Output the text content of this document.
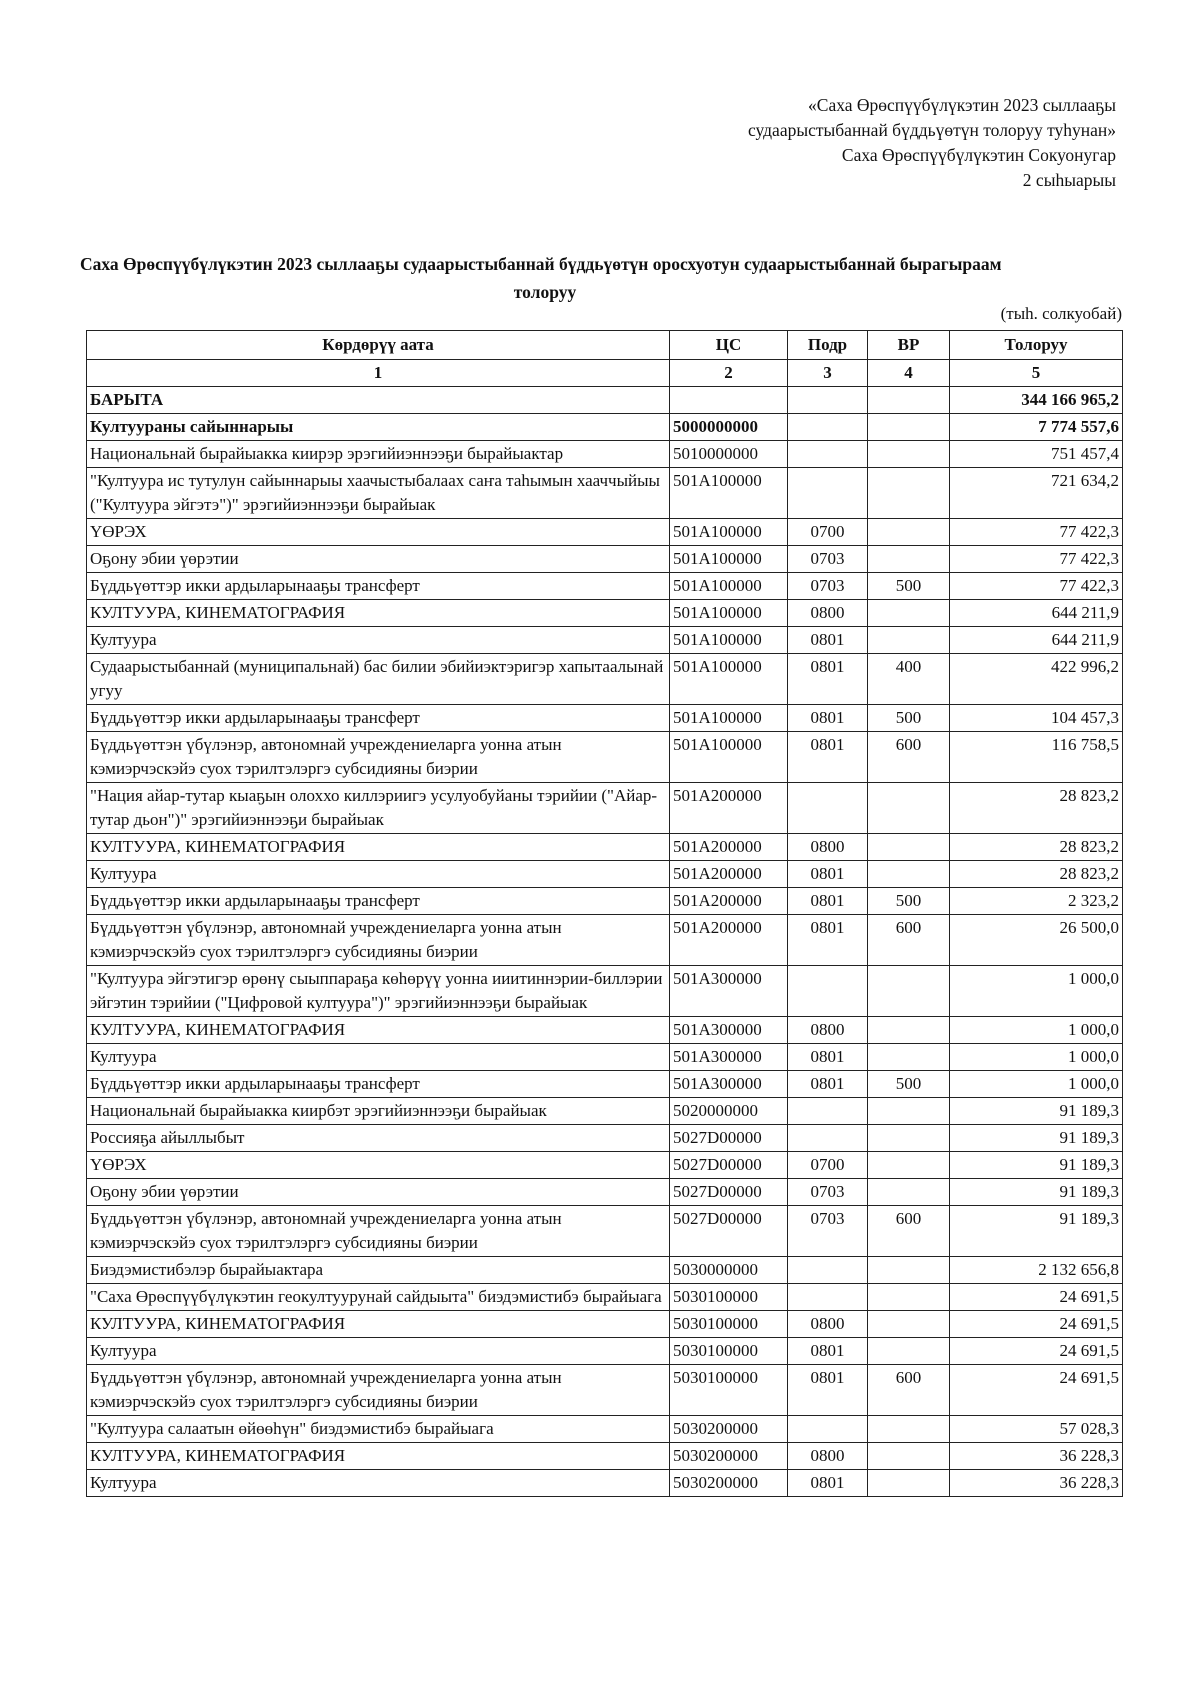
«Саха Өрөспүүбүлүкэтин 2023 сыллааҕы
судаарыстыбаннай бүддьүөтүн толоруу туһунан»
Саха Өрөспүүбүлүкэтин Сокуонугар
2 сыһыарыы
Саха Өрөспүүбүлүкэтин 2023 сыллааҕы судаарыстыбаннай бүддьүөтүн оросхуотун судаарыстыбаннай бырагыраам
толоруу
(тыһ. солкуобай)
Көрдөрүү аата	ЦС	Подр	ВР	Толоруу
1	2	3	4	5
БАРЫТА				344 166 965,2
Култуураны сайыннарыы	5000000000			7 774 557,6
Национальнай бырайыакка киирэр эрэгийиэннээҕи бырайыактар	5010000000			751 457,4
"Култуура ис тутулун сайыннарыы хаачыстыбалаах саҥа таһымын хааччыйыы ("Култуура эйгэтэ")" эрэгийиэннээҕи бырайыак	501А100000			721 634,2
ҮӨРЭХ	501А100000	0700		77 422,3
Оҕону эбии үөрэтии	501А100000	0703		77 422,3
Бүддьүөттэр икки ардыларынааҕы трансферт	501А100000	0703	500	77 422,3
КУЛТУУРА, КИНЕМАТОГРАФИЯ	501А100000	0800		644 211,9
Култуура	501А100000	0801		644 211,9
Судаарыстыбаннай (муниципальнай) бас билии эбийиэктэригэр хапытаалынай угуу	501А100000	0801	400	422 996,2
Бүддьүөттэр икки ардыларынааҕы трансферт	501А100000	0801	500	104 457,3
Бүддьүөттэн үбүлэнэр, автономнай учреждениеларга уонна атын кэмиэрчэскэйэ суох тэрилтэлэргэ субсидияны биэрии	501А100000	0801	600	116 758,5
"Нация айар-тутар кыаҕын олоххо киллэриигэ усулуобуйаны тэрийии ("Айар-тутар дьон")" эрэгийиэннээҕи бырайыак	501А200000			28 823,2
КУЛТУУРА, КИНЕМАТОГРАФИЯ	501А200000	0800		28 823,2
Култуура	501А200000	0801		28 823,2
Бүддьүөттэр икки ардыларынааҕы трансферт	501А200000	0801	500	2 323,2
Бүддьүөттэн үбүлэнэр, автономнай учреждениеларга уонна атын кэмиэрчэскэйэ суох тэрилтэлэргэ субсидияны биэрии	501А200000	0801	600	26 500,0
"Култуура эйгэтигэр өрөнү сыыппараҕа көһөрүү уонна ииитиннэрии-биллэрии эйгэтин тэрийии ("Цифровой култуура")" эрэгийиэннээҕи бырайыак	501А300000			1 000,0
КУЛТУУРА, КИНЕМАТОГРАФИЯ	501А300000	0800		1 000,0
Култуура	501А300000	0801		1 000,0
Бүддьүөттэр икки ардыларынааҕы трансферт	501А300000	0801	500	1 000,0
Национальнай бырайыакка киирбэт эрэгийиэннээҕи бырайыак	5020000000			91 189,3
Россияҕа айыллыбыт	5027D00000			91 189,3
ҮӨРЭХ	5027D00000	0700		91 189,3
Оҕону эбии үөрэтии	5027D00000	0703		91 189,3
Бүддьүөттэн үбүлэнэр, автономнай учреждениеларга уонна атын кэмиэрчэскэйэ суох тэрилтэлэргэ субсидияны биэрии	5027D00000	0703	600	91 189,3
Биэдэмистибэлэр бырайыактара	5030000000			2 132 656,8
"Саха Өрөспүүбүлүкэтин геокултуурунай сайдыыта" биэдэмистибэ бырайыага	5030100000			24 691,5
КУЛТУУРА, КИНЕМАТОГРАФИЯ	5030100000	0800		24 691,5
Култуура	5030100000	0801		24 691,5
Бүддьүөттэн үбүлэнэр, автономнай учреждениеларга уонна атын кэмиэрчэскэйэ суох тэрилтэлэргэ субсидияны биэрии	5030100000	0801	600	24 691,5
"Култуура салаатын өйөөһүн" биэдэмистибэ бырайыага	5030200000			57 028,3
КУЛТУУРА, КИНЕМАТОГРАФИЯ	5030200000	0800		36 228,3
Култуура	5030200000	0801		36 228,3
